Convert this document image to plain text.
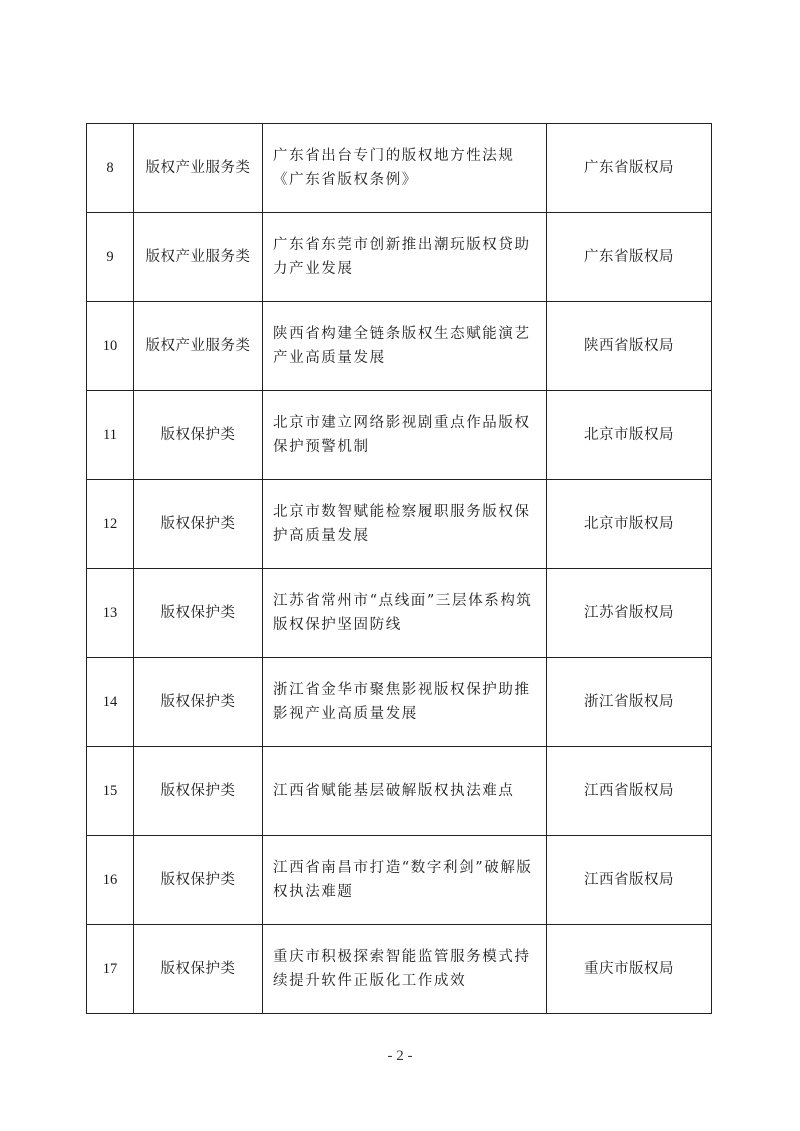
8	版权产业服务类	广东省出台专门的版权地方性法规《广东省版权条例》	广东省版权局
9	版权产业服务类	广东省东莞市创新推出潮玩版权贷助力产业发展	广东省版权局
10	版权产业服务类	陕西省构建全链条版权生态赋能演艺产业高质量发展	陕西省版权局
11	版权保护类	北京市建立网络影视剧重点作品版权保护预警机制	北京市版权局
12	版权保护类	北京市数智赋能检察履职服务版权保护高质量发展	北京市版权局
13	版权保护类	江苏省常州市“点线面”三层体系构筑版权保护坚固防线	江苏省版权局
14	版权保护类	浙江省金华市聚焦影视版权保护助推影视产业高质量发展	浙江省版权局
15	版权保护类	江西省赋能基层破解版权执法难点	江西省版权局
16	版权保护类	江西省南昌市打造“数字利剑”破解版权执法难题	江西省版权局
17	版权保护类	重庆市积极探索智能监管服务模式持续提升软件正版化工作成效	重庆市版权局
- 2 -
